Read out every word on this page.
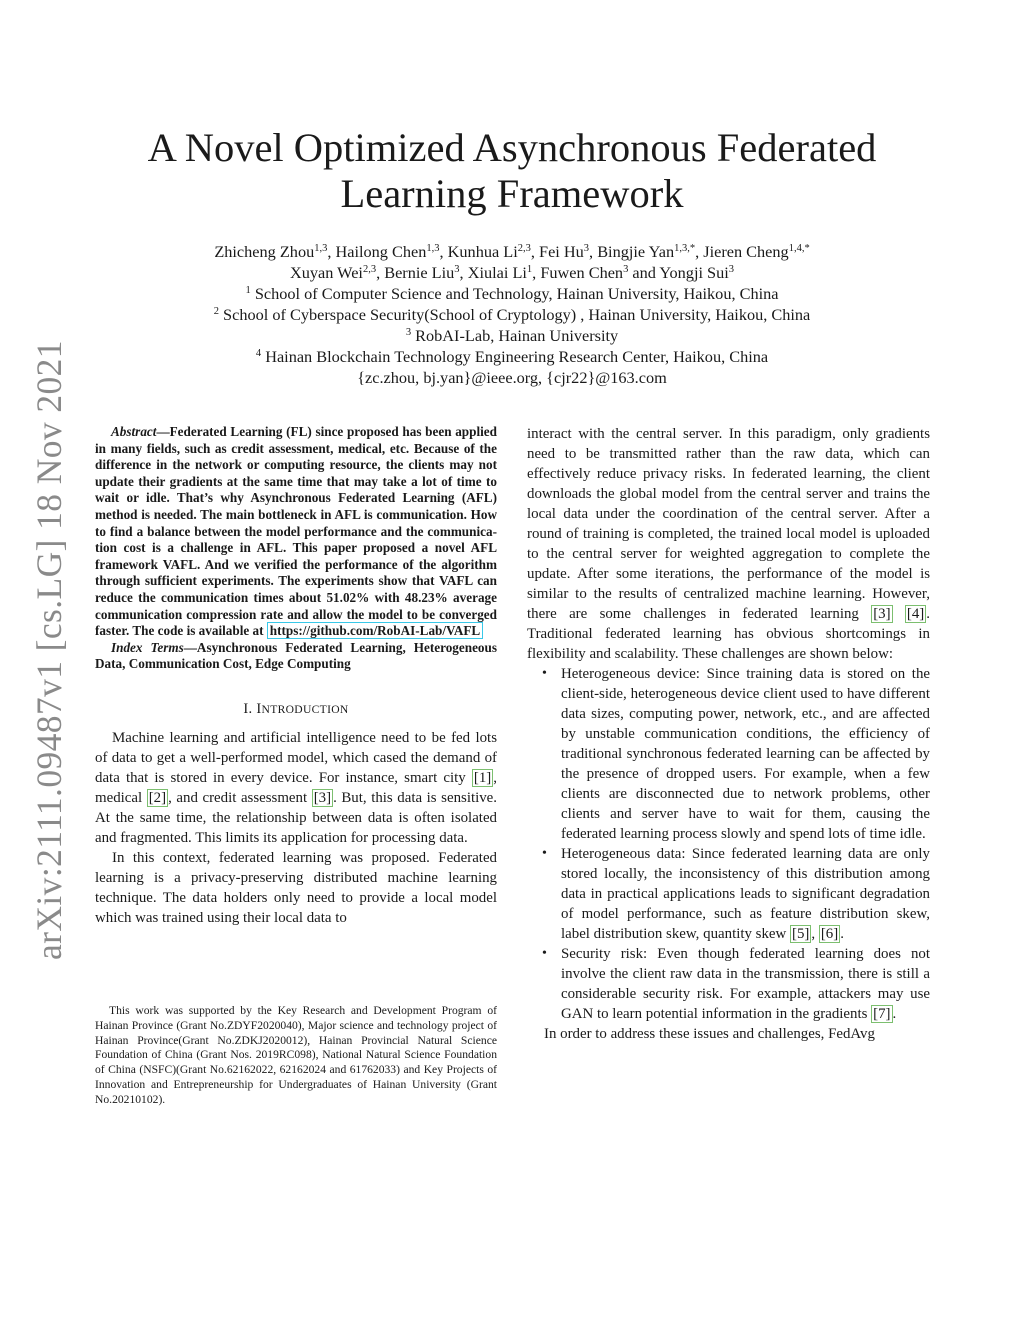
arXiv:2111.09487v1 [cs.LG] 18 Nov 2021
A Novel Optimized Asynchronous Federated
Learning Framework
Zhicheng Zhou$^{1,3}$, Hailong Chen$^{1,3}$, Kunhua Li$^{2,3}$, Fei Hu$^3$, Bingjie Yan$^{1,3,*}$, Jieren Cheng$^{1,4,*}$
Xuyan Wei$^{2,3}$, Bernie Liu$^3$, Xiulai Li$^1$, Fuwen Chen$^3$ and Yongji Sui$^3$
$^1$ School of Computer Science and Technology, Hainan University, Haikou, China
$^2$ School of Cyberspace Security(School of Cryptology) , Hainan University, Haikou, China
$^3$ RobAI-Lab, Hainan University
$^4$ Hainan Blockchain Technology Engineering Research Center, Haikou, China
{zc.zhou, bj.yan}@ieee.org, {cjr22}@163.com

Abstract—Federated Learning (FL) since proposed has been applied in many fields, such as credit assessment, medical, etc. Because of the difference in the network or computing resource, the clients may not update their gradients at the same time that may take a lot of time to wait or idle. That’s why Asynchronous Federated Learning (AFL) method is needed. The main bottleneck in AFL is communication. How to find a balance between the model performance and the communication cost is a challenge in AFL. This paper proposed a novel AFL framework VAFL. And we verified the performance of the algorithm through sufficient experiments. The experiments show that VAFL can reduce the communication times about 51.02% with 48.23% average communication compression rate and allow the model to be converged faster. The code is available at https://github.com/RobAI-Lab/VAFL

Index Terms—Asynchronous Federated Learning, Heterogeneous Data, Communication Cost, Edge Computing

I. INTRODUCTION

Machine learning and artificial intelligence need to be fed lots of data to get a well-performed model, which cased the demand of data that is stored in every device. For instance, smart city [1] , medical [2] , and credit assessment [3] . But, this data is sensitive. At the same time, the relationship between data is often isolated and fragmented. This limits its application for processing data.

In this context, federated learning was proposed. Federated learning is a privacy-preserving distributed machine learning technique. The data holders only need to provide a local model which was trained using their local data to

This work was supported by the Key Research and Development Program of Hainan Province (Grant No.ZDYF2020040), Major science and technology project of Hainan Province(Grant No.ZDKJ2020012), Hainan Provincial Natural Science Foundation of China (Grant Nos. 2019RC098), National Natural Science Foundation of China (NSFC)(Grant No.62162022, 62162024 and 61762033) and Key Projects of Innovation and Entrepreneurship for Undergraduates of Hainan University (Grant No.20210102).

interact with the central server. In this paradigm, only gradients need to be transmitted rather than the raw data, which can effectively reduce privacy risks. In federated learning, the client downloads the global model from the central server and trains the local data under the coordination of the central server. After a round of training is completed, the trained local model is uploaded to the central server for weighted aggregation to complete the update. After some iterations, the performance of the model is similar to the results of centralized machine learning. However, there are some challenges in federated learning [3] [4] . Traditional federated learning has obvious shortcomings in flexibility and scalability. These challenges are shown below:

• Heterogeneous device: Since training data is stored on the client-side, heterogeneous device client used to have different data sizes, computing power, network, etc., and are affected by unstable communication conditions, the efficiency of traditional synchronous federated learning can be affected by the presence of dropped users. For example, when a few clients are disconnected due to network problems, other clients and server have to wait for them, causing the federated learning process slowly and spend lots of time idle.
• Heterogeneous data: Since federated learning data are only stored locally, the inconsistency of this distribution among data in practical applications leads to significant degradation of model performance, such as feature distribution skew, label distribution skew, quantity skew [5] , [6] .
• Security risk: Even though federated learning does not involve the client raw data in the transmission, there is still a considerable security risk. For example, attackers may use GAN to learn potential information in the gradients [7] .

In order to address these issues and challenges, FedAvg
